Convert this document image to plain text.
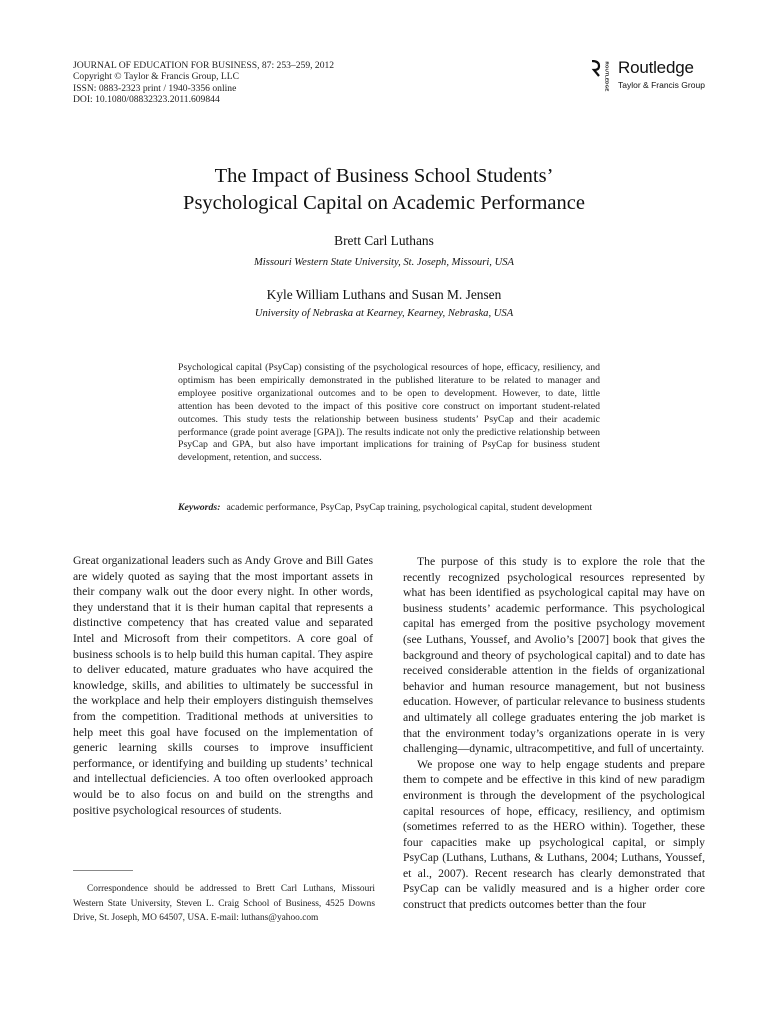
JOURNAL OF EDUCATION FOR BUSINESS, 87: 253–259, 2012
Copyright © Taylor & Francis Group, LLC
ISSN: 0883-2323 print / 1940-3356 online
DOI: 10.1080/08832323.2011.609844
ROUTLEDGE Routledge
Taylor & Francis Group
The Impact of Business School Students’
Psychological Capital on Academic Performance
Brett Carl Luthans
Missouri Western State University, St. Joseph, Missouri, USA
Kyle William Luthans and Susan M. Jensen
University of Nebraska at Kearney, Kearney, Nebraska, USA
Psychological capital (PsyCap) consisting of the psychological resources of hope, efficacy, resiliency, and optimism has been empirically demonstrated in the published literature to be related to manager and employee positive organizational outcomes and to be open to development. However, to date, little attention has been devoted to the impact of this positive core construct on important student-related outcomes. This study tests the relationship between business students’ PsyCap and their academic performance (grade point average [GPA]). The results indicate not only the predictive relationship between PsyCap and GPA, but also have important implications for training of PsyCap for business student development, retention, and success.
Keywords: academic performance, PsyCap, PsyCap training, psychological capital, student development

Great organizational leaders such as Andy Grove and Bill Gates are widely quoted as saying that the most important assets in their company walk out the door every night. In other words, they understand that it is their human capital that represents a distinctive competency that has created value and separated Intel and Microsoft from their competitors. A core goal of business schools is to help build this human capital. They aspire to deliver educated, mature graduates who have acquired the knowledge, skills, and abilities to ultimately be successful in the workplace and help their employers distinguish themselves from the competition. Traditional methods at universities to help meet this goal have focused on the implementation of generic learning skills courses to improve insufficient performance, or identifying and building up students’ technical and intellectual deficiencies. A too often overlooked approach would be to also focus on and build on the strengths and positive psychological resources of students.

The purpose of this study is to explore the role that the recently recognized psychological resources represented by what has been identified as psychological capital may have on business students’ academic performance. This psychological capital has emerged from the positive psychology movement (see Luthans, Youssef, and Avolio’s [2007] book that gives the background and theory of psychological capital) and to date has received considerable attention in the fields of organizational behavior and human resource management, but not business education. However, of particular relevance to business students and ultimately all college graduates entering the job market is that the environment today’s organizations operate in is very challenging—dynamic, ultracompetitive, and full of uncertainty.

We propose one way to help engage students and prepare them to compete and be effective in this kind of new paradigm environment is through the development of the psychological capital resources of hope, efficacy, resiliency, and optimism (sometimes referred to as the HERO within). Together, these four capacities make up psychological capital, or simply PsyCap (Luthans, Luthans, & Luthans, 2004; Luthans, Youssef, et al., 2007). Recent research has clearly demonstrated that PsyCap can be validly measured and is a higher order core construct that predicts outcomes better than the four

Correspondence should be addressed to Brett Carl Luthans, Missouri Western State University, Steven L. Craig School of Business, 4525 Downs Drive, St. Joseph, MO 64507, USA. E-mail: luthans@yahoo.com
